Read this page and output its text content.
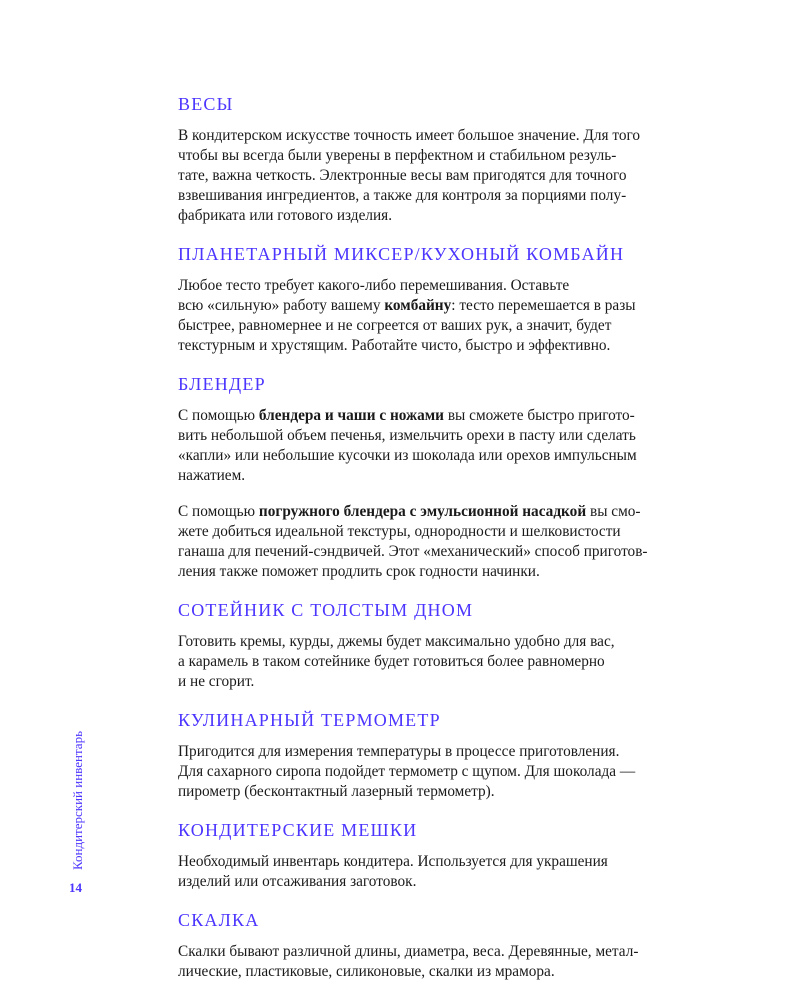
ВЕСЫ

В кондитерском искусстве точность имеет большое значение. Для того
чтобы вы всегда были уверены в перфектном и стабильном резуль-
тате, важна четкость. Электронные весы вам пригодятся для точного
взвешивания ингредиентов, а также для контроля за порциями полу-
фабриката или готового изделия.

ПЛАНЕТАРНЫЙ МИКСЕР/КУХОНЫЙ КОМБАЙН

Любое тесто требует какого-либо перемешивания. Оставьте
всю «сильную» работу вашему комбайну: тесто перемешается в разы
быстрее, равномернее и не согреется от ваших рук, а значит, будет
текстурным и хрустящим. Работайте чисто, быстро и эффективно.

БЛЕНДЕР

С помощью блендера и чаши с ножами вы сможете быстро пригото-
вить небольшой объем печенья, измельчить орехи в пасту или сделать
«капли» или небольшие кусочки из шоколада или орехов импульсным
нажатием.

С помощью погружного блендера с эмульсионной насадкой вы смо-
жете добиться идеальной текстуры, однородности и шелковистости
ганаша для печений-сэндвичей. Этот «механический» способ приготов-
ления также поможет продлить срок годности начинки.

СОТЕЙНИК С ТОЛСТЫМ ДНОМ

Готовить кремы, курды, джемы будет максимально удобно для вас,
а карамель в таком сотейнике будет готовиться более равномерно
и не сгорит.

КУЛИНАРНЫЙ ТЕРМОМЕТР

Пригодится для измерения температуры в процессе приготовления.
Для сахарного сиропа подойдет термометр с щупом. Для шоколада —
пирометр (бесконтактный лазерный термометр).

КОНДИТЕРСКИЕ МЕШКИ

Необходимый инвентарь кондитера. Используется для украшения
изделий или отсаживания заготовок.

СКАЛКА

Скалки бывают различной длины, диаметра, веса. Деревянные, метал-
лические, пластиковые, силиконовые, скалки из мрамора.

Кондитерский инвентарь
14
